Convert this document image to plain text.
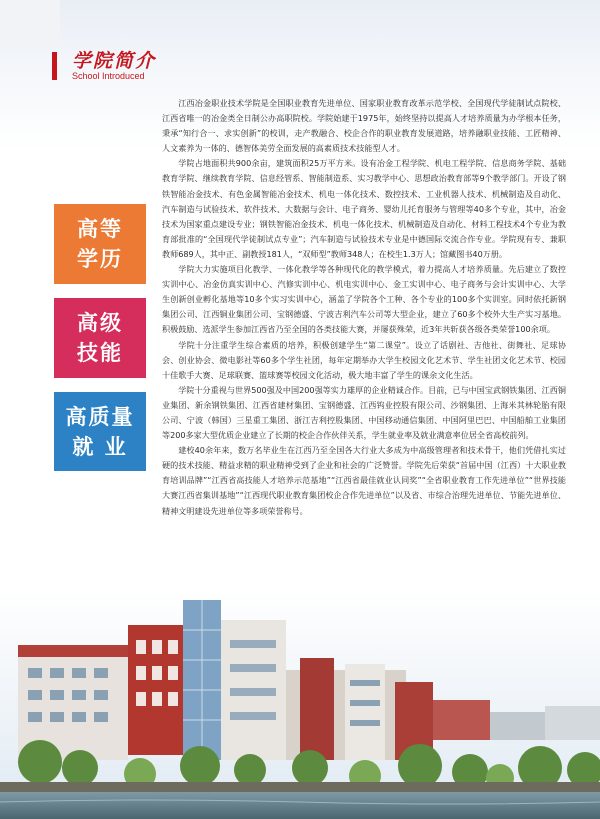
学院简介
School Introduced
高等
学历
高级
技能
高质量
就 业

江西冶金职业技术学院是全国职业教育先进单位、国家职业教育改革示范学校、全国现代学徒制试点院校、江西省唯一的冶金类全日制公办高职院校。学院始建于1975年，始终坚持以提高人才培养质量为办学根本任务，秉承“知行合一、求实创新”的校训，走产教融合、校企合作的职业教育发展道路，培养融职业技能、工匠精神、人文素养为一体的、德智体美劳全面发展的高素质技术技能型人才。

学院占地面积共900余亩，建筑面积25万平方米。设有冶金工程学院、机电工程学院、信息商务学院、基础教育学院、继续教育学院、信息经管系、智能制造系、实习教学中心、思想政治教育部等9个教学部门。开设了钢铁智能冶金技术、有色金属智能冶金技术、机电一体化技术、数控技术、工业机器人技术、机械制造及自动化、汽车制造与试验技术、软件技术、大数据与会计、电子商务、婴幼儿托育服务与管理等40多个专业，其中，冶金技术为国家重点建设专业；钢铁智能冶金技术、机电一体化技术、机械制造及自动化、材料工程技术4个专业为教育部批准的“全国现代学徒制试点专业”；汽车制造与试验技术专业是中德国际交流合作专业。学院现有专、兼职教师689人，其中正、副教授181人，“双师型”教师348人；在校生1.3万人；馆藏图书40万册。

学院大力实施项目化教学、一体化教学等各种现代化的教学模式，着力提高人才培养质量。先后建立了数控实训中心、冶金仿真实训中心、汽修实训中心、机电实训中心、金工实训中心、电子商务与会计实训中心、大学生创新创业孵化基地等10多个实习实训中心，涵盖了学院各个工种、各个专业的100多个实训室。同时依托新钢集团公司、江西铜业集团公司、宝钢德盛、宁波吉利汽车公司等大型企业，建立了60多个校外大生产实习基地。积极鼓励、选派学生参加江西省乃至全国的各类技能大赛，并屡获殊荣，近3年共斩获各级各类荣誉100余项。

学院十分注重学生综合素质的培养，积极创建学生“第二课堂”。设立了话剧社、吉他社、街舞社、足球协会、创业协会、微电影社等60多个学生社团，每年定期举办大学生校园文化艺术节、学生社团文化艺术节、校园十佳歌手大赛、足球联赛、篮球赛等校园文化活动，极大地丰富了学生的课余文化生活。

学院十分重视与世界500强及中国200强等实力雄厚的企业精诚合作。目前，已与中国宝武钢铁集团、江西铜业集团、新余钢铁集团、江西省建材集团、宝钢德盛、江西钨业控股有限公司、沙钢集团、上海米其林轮胎有限公司、宁波（韩国）三星重工集团、浙江吉利控股集团、中国移动通信集团、中国阿里巴巴、中国船舶工业集团等200多家大型优质企业建立了长期的校企合作伙伴关系，学生就业率及就业满意率位居全省高校前列。

建校40余年来，数万名毕业生在江西乃至全国各大行业大多成为中高级管理者和技术骨干，他们凭借扎实过硬的技术技能、精益求精的职业精神受到了企业和社会的广泛赞誉。学院先后荣获“首届中国（江西）十大职业教育培训品牌”“江西省高技能人才培养示范基地”“江西省最佳就业认同奖”“全省职业教育工作先进单位”“世界技能大赛江西省集训基地”“江西现代职业教育集团校企合作先进单位”以及省、市综合治理先进单位、节能先进单位、精神文明建设先进单位等多项荣誉称号。
